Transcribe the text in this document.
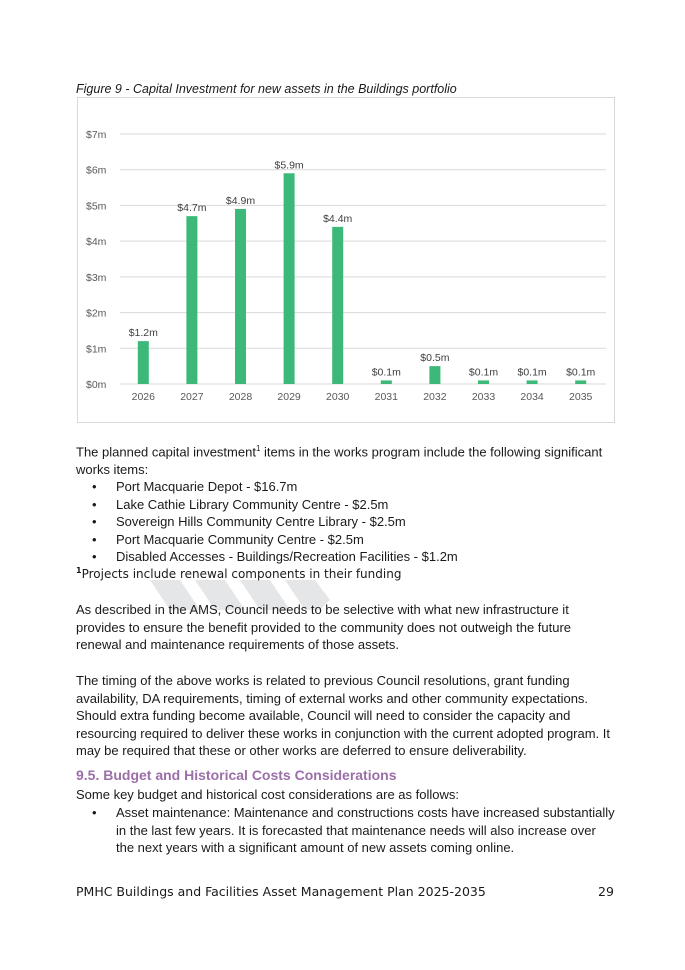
Figure 9 - Capital Investment for new assets in the Buildings portfolio
$0m
$1m
$2m
$3m
$4m
$5m
$6m
$7m
$1.2m
2026
$4.7m
2027
$4.9m
2028
$5.9m
2029
$4.4m
2030
$0.1m
2031
$0.5m
2032
$0.1m
2033
$0.1m
2034
$0.1m
2035
The planned capital investment$^1$ items in the works program include the following significant works items:
• Port Macquarie Depot - $16.7m
• Lake Cathie Library Community Centre - $2.5m
• Sovereign Hills Community Centre Library - $2.5m
• Port Macquarie Community Centre - $2.5m
• Disabled Accesses - Buildings/Recreation Facilities - $1.2m
$^1$Projects include renewal components in their funding
As described in the AMS, Council needs to be selective with what new infrastructure it provides to ensure the benefit provided to the community does not outweigh the future renewal and maintenance requirements of those assets.
The timing of the above works is related to previous Council resolutions, grant funding availability, DA requirements, timing of external works and other community expectations. Should extra funding become available, Council will need to consider the capacity and resourcing required to deliver these works in conjunction with the current adopted program. It may be required that these or other works are deferred to ensure deliverability.
9.5. Budget and Historical Costs Considerations
Some key budget and historical cost considerations are as follows:
• Asset maintenance: Maintenance and constructions costs have increased substantially in the last few years. It is forecasted that maintenance needs will also increase over the next years with a significant amount of new assets coming online.
PMHC Buildings and Facilities Asset Management Plan 2025-2035	29
